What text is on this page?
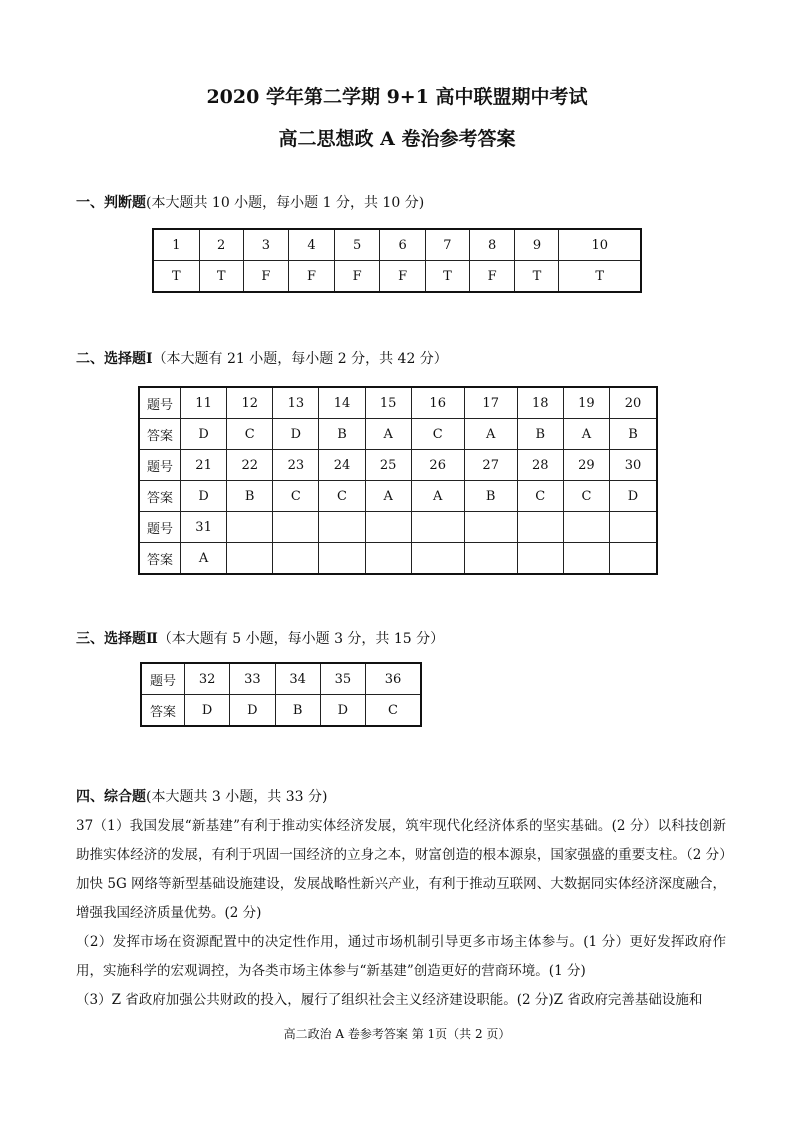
2020 学年第二学期 9+1 高中联盟期中考试
高二思想政 A 卷治参考答案
一、判断题(本大题共 10 小题，每小题 1 分，共 10 分)
1	2	3	4	5	6	7	8	9	10
T	T	F	F	F	F	T	F	T	T
二、选择题Ⅰ（本大题有 21 小题，每小题 2 分，共 42 分）
题号	11	12	13	14	15	16	17	18	19	20
答案	D	C	D	B	A	C	A	B	A	B
题号	21	22	23	24	25	26	27	28	29	30
答案	D	B	C	C	A	A	B	C	C	D
题号	31									
答案	A									
三、选择题Ⅱ（本大题有 5 小题，每小题 3 分，共 15 分）
题号	32	33	34	35	36
答案	D	D	B	D	C
四、综合题(本大题共 3 小题，共 33 分)

37（1）我国发展“新基建”有利于推动实体经济发展，筑牢现代化经济体系的坚实基础。(2 分）以科技创新助推实体经济的发展，有利于巩固一国经济的立身之本，财富创造的根本源泉，国家强盛的重要支柱。（2 分）加快 5G 网络等新型基础设施建设，发展战略性新兴产业，有利于推动互联网、大数据同实体经济深度融合，增强我国经济质量优势。(2 分)

（2）发挥市场在资源配置中的决定性作用，通过市场机制引导更多市场主体参与。(1 分）更好发挥政府作用，实施科学的宏观调控，为各类市场主体参与“新基建”创造更好的营商环境。(1 分)

（3）Z 省政府加强公共财政的投入，履行了组织社会主义经济建设职能。(2 分)Z 省政府完善基础设施和

高二政治 A 卷参考答案 第 1页（共 2 页）
